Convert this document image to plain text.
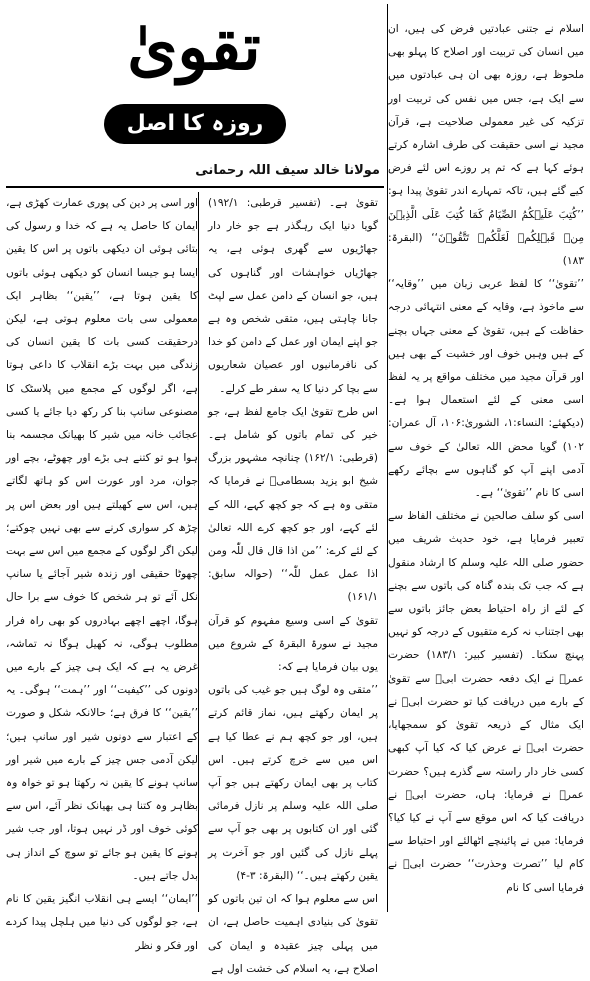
اسلام نے جتنی عبادتیں فرض کی ہیں، ان میں انسان کی تربیت اور اصلاح کا پہلو بھی ملحوظ ہے، روزہ بھی ان ہی عبادتوں میں سے ایک ہے، جس میں نفس کی تربیت اور تزکیہ کی غیر معمولی صلاحیت ہے، قرآن مجید نے اسی حقیقت کی طرف اشارہ کرتے ہوئے کہا ہے کہ تم پر روزے اس لئے فرض کیے گئے ہیں، تاکہ تمہارے اندر تقویٰ پیدا ہو: ’’کُتِبَ عَلَیۡکُمُ الصِّیَامُ کَمَا کُتِبَ عَلَی الَّذِیۡنَ مِنۡ قَبۡلِکُمۡ لَعَلَّکُمۡ تَتَّقُوۡنَ‘‘ (البقرۃ: ۱۸۳)

’’تقویٰ‘‘ کا لفظ عربی زبان میں ’’وقایہ‘‘ سے ماخوذ ہے، وقایہ کے معنی انتہائی درجہ حفاظت کے ہیں، تقویٰ کے معنی جہاں بچنے کے ہیں وہیں خوف اور خشیت کے بھی ہیں اور قرآن مجید میں مختلف مواقع پر یہ لفظ اسی معنی کے لئے استعمال ہوا ہے۔ (دیکھئے: النساء:۱، الشوریٰ:۱۰۶، آل عمران: ۱۰۲) گویا محض اللہ تعالیٰ کے خوف سے آدمی اپنے آپ کو گناہوں سے بچائے رکھے اسی کا نام ’’تقویٰ‘‘ ہے۔

اسی کو سلف صالحین نے مختلف الفاظ سے تعبیر فرمایا ہے، خود حدیث شریف میں حضور صلی اللہ علیہ وسلم کا ارشاد منقول ہے کہ جب تک بندہ گناہ کی باتوں سے بچنے کے لئے از راہ احتیاط بعض جائز باتوں سے بھی اجتناب نہ کرے متقیوں کے درجہ کو نہیں پہنچ سکتا۔ (تفسیر کبیر: ۱۸۳/۱) حضرت عمرؓ نے ایک دفعہ حضرت ابیؓ سے تقویٰ کے بارے میں دریافت کیا تو حضرت ابیؓ نے ایک مثال کے ذریعہ تقویٰ کو سمجھایا، حضرت ابیؓ نے عرض کیا کہ کیا آپ کبھی کسی خار دار راستہ سے گذرے ہیں؟ حضرت عمرؓ نے فرمایا: ہاں، حضرت ابیؓ نے دریافت کیا کہ اس موقع سے آپ نے کیا کیا؟ فرمایا: میں نے پائینچے اٹھالئے اور احتیاط سے کام لیا ’’تصرت وحذرت‘‘ حضرت ابیؓ نے فرمایا اسی کا نام

تقویٰ
روزہ کا اصل مقصود
مولانا خالد سیف اللہ رحمانی

تقویٰ ہے۔ (تفسیر قرطبی: ۱۹۲/۱) گویا دنیا ایک رہگذر ہے جو خار دار جھاڑیوں سے گھری ہوئی ہے، یہ جھاڑیاں خواہشات اور گناہوں کی ہیں، جو انسان کے دامن عمل سے لپٹ جانا چاہتی ہیں، متقی شخص وہ ہے جو اپنے ایمان اور عمل کے دامن کو خدا کی نافرمانیوں اور عصیان شعاریوں سے بچا کر دنیا کا یہ سفر طے کرلے۔

اس طرح تقویٰ ایک جامع لفظ ہے، جو خیر کی تمام باتوں کو شامل ہے۔ (قرطبی: ۱۶۲/۱) چنانچہ مشہور بزرگ شیخ ابو یزید بسطامیؒ نے فرمایا کہ متقی وہ ہے کہ جو کچھ کہے، اللہ کے لئے کہے، اور جو کچھ کرے اللہ تعالیٰ کے لئے کرے: ’’من اذا قال قال للّٰہ ومن اذا عمل عمل للّٰہ‘‘ (حوالہ سابق: ۱۶۱/۱)

تقویٰ کے اسی وسیع مفہوم کو قرآن مجید نے سورۃ البقرۃ کے شروع میں یوں بیان فرمایا ہے کہ:

’’متقی وہ لوگ ہیں جو غیب کی باتوں پر ایمان رکھتے ہیں، نماز قائم کرتے ہیں، اور جو کچھ ہم نے عطا کیا ہے اس میں سے خرچ کرتے ہیں۔ اس کتاب پر بھی ایمان رکھتے ہیں جو آپ صلی اللہ علیہ وسلم پر نازل فرمائی گئی اور ان کتابوں پر بھی جو آپ سے پہلے نازل کی گئیں اور جو آخرت پر یقین رکھتے ہیں۔‘‘ (البقرۃ: ۳-۴)

اس سے معلوم ہوا کہ ان تین باتوں کو تقویٰ کی بنیادی اہمیت حاصل ہے، ان میں پہلی چیز عقیدہ و ایمان کی اصلاح ہے، یہ اسلام کی خشت اول ہے

اور اسی پر دین کی پوری عمارت کھڑی ہے، ایمان کا حاصل یہ ہے کہ خدا و رسول کی بتائی ہوئی ان دیکھی باتوں پر اس کا یقین ایسا ہو جیسا انسان کو دیکھی ہوئی باتوں کا یقین ہوتا ہے، ’’یقین‘‘ بظاہر ایک معمولی سی بات معلوم ہوتی ہے، لیکن درحقیقت کسی بات کا یقین انسان کی زندگی میں بہت بڑے انقلاب کا داعی ہوتا ہے، اگر لوگوں کے مجمع میں پلاسٹک کا مصنوعی سانپ بنا کر رکھ دیا جائے یا کسی عجائب خانہ میں شیر کا بھیانک مجسمہ بنا ہوا ہو تو کتنے ہی بڑے اور چھوٹے، بچے اور جوان، مرد اور عورت اس کو ہاتھ لگاتے ہیں، اس سے کھیلتے ہیں اور بعض اس پر چڑھ کر سواری کرنے سے بھی نہیں چوکتے؛ لیکن اگر لوگوں کے مجمع میں اس سے بہت چھوٹا حقیقی اور زندہ شیر آجائے یا سانپ نکل آئے تو ہر شخص کا خوف سے برا حال ہوگا، اچھے اچھے بہادروں کو بھی راہ فرار مطلوب ہوگی، نہ کھیل ہوگا نہ تماشہ، غرض یہ ہے کہ ایک ہی چیز کے بارے میں دونوں کی ’’کیفیت‘‘ اور ’’ہمت‘‘ ہوگی۔ یہ ’’یقین‘‘ کا فرق ہے؛ حالانکہ شکل و صورت کے اعتبار سے دونوں شیر اور سانپ ہیں؛ لیکن آدمی جس چیز کے بارے میں شیر اور سانپ ہونے کا یقین نہ رکھتا ہو تو خواہ وہ بظاہر وہ کتنا ہی بھیانک نظر آئے، اس سے کوئی خوف اور ڈر نہیں ہوتا، اور جب شیر ہونے کا یقین ہو جائے تو سوچ کے انداز ہی بدل جاتے ہیں۔

’’ایمان‘‘ ایسے ہی انقلاب انگیز یقین کا نام ہے، جو لوگوں کی دنیا میں ہلچل پیدا کردے اور فکر و نظر
